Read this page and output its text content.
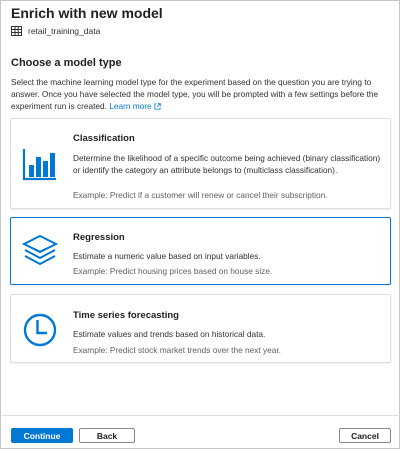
Enrich with new model
retail_training_data
Choose a model type
Select the machine learning model type for the experiment based on the question you are trying to answer. Once you have selected the model type, you will be prompted with a few settings before the experiment run is created. Learn more
Classification
Determine the likelihood of a specific outcome being achieved (binary classification) or identify the category an attribute belongs to (multiclass classification).
Example: Predict if a customer will renew or cancel their subscription.
Regression
Estimate a numeric value based on input variables.
Example: Predict housing prices based on house size.
Time series forecasting
Estimate values and trends based on historical data.
Example: Predict stock market trends over the next year.
Continue	Back	Cancel
